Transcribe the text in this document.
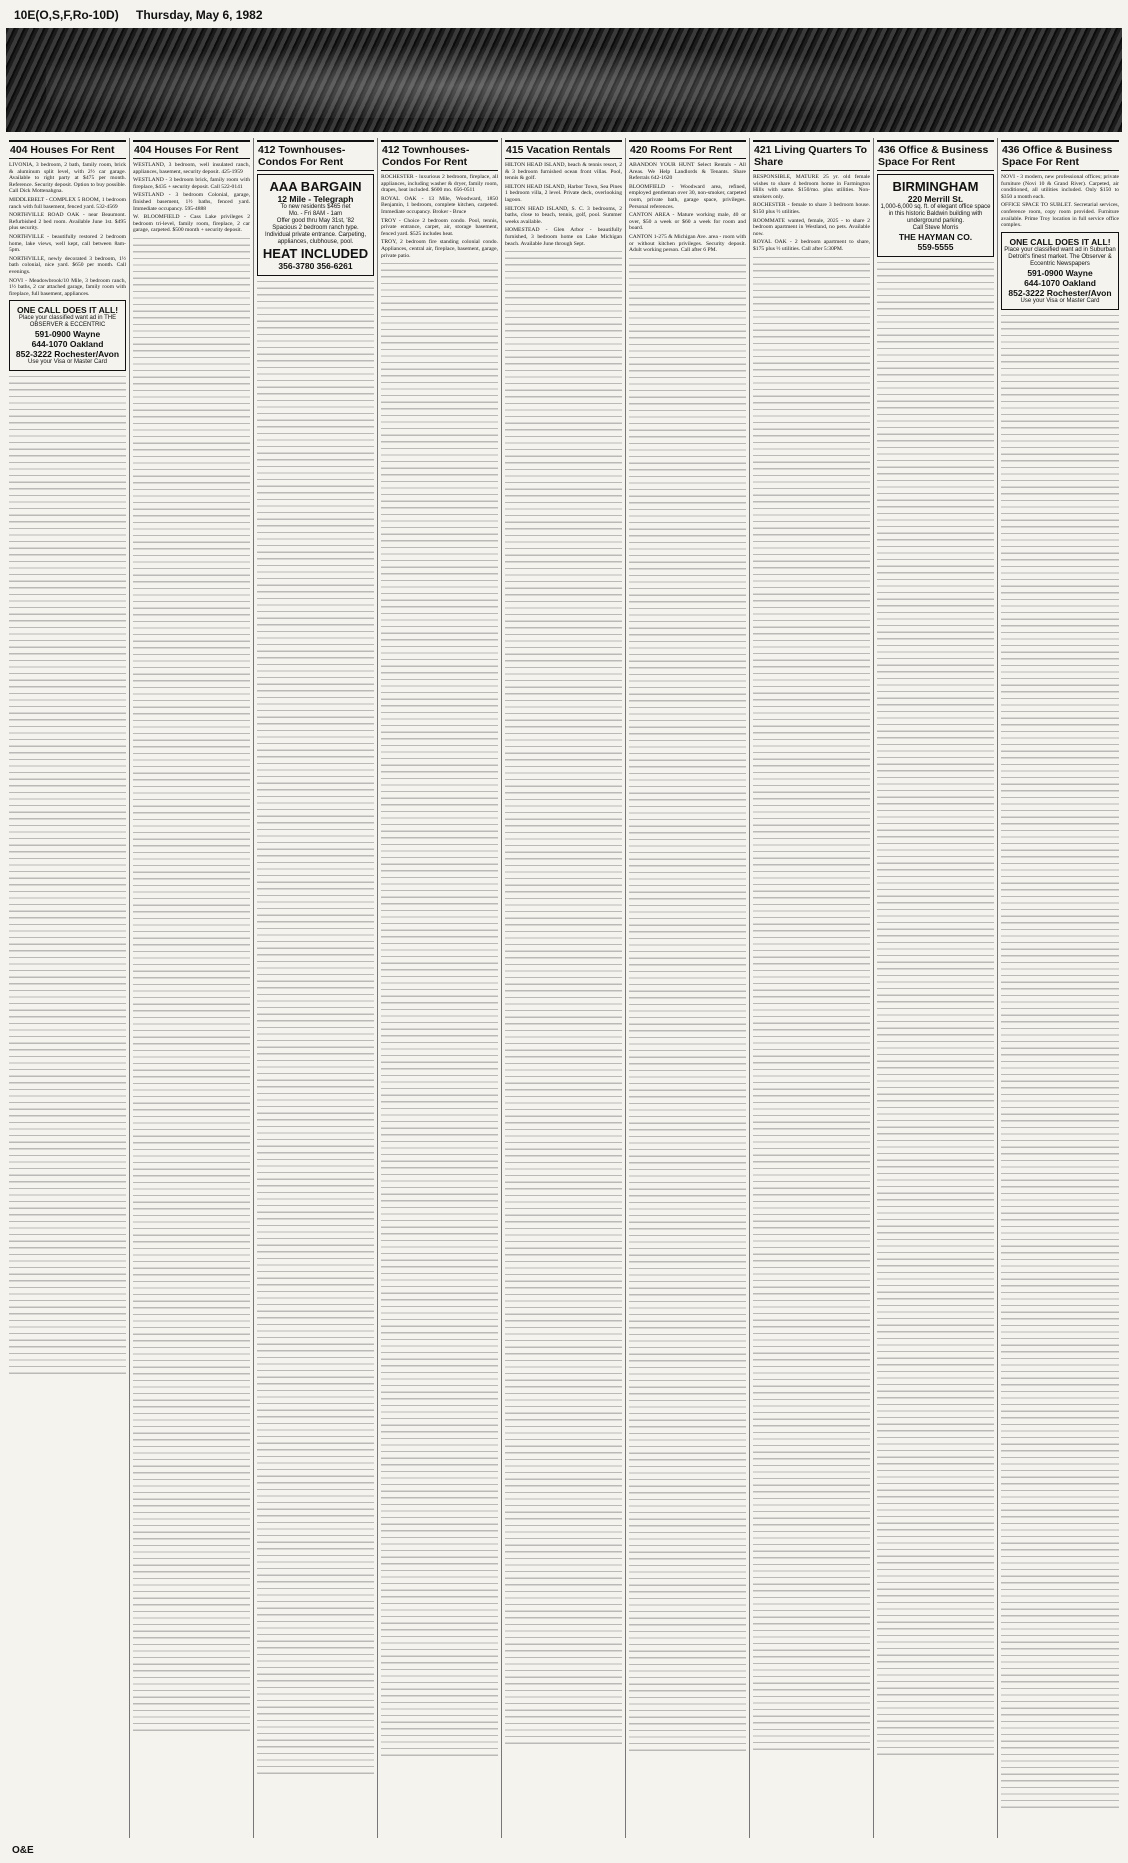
10E(O,S,F,Ro-10D) Thursday, May 6, 1982
404 Houses For Rent

LIVONIA, 3 bedroom, 2 bath, family room, brick & aluminum split level, with 2½ car garage. Available to right party at $475 per month. Reference. Security deposit. Option to buy possible. Call Dick Mottenahgna.

MIDDLEBELT - COMPLEX 5 ROOM, 1 bedroom ranch with full basement, fenced yard. 532-4569

NORTHVILLE ROAD OAK - near Beaumont. Refurbished 2 bed room. Available June 1st. $495 plus security.

NORTHVILLE - beautifully restored 2 bedroom home, lake views, well kept, call between 8am-5pm.

NORTHVILLE, newly decorated 3 bedroom, 1½ bath colonial, nice yard. $650 per month. Call evenings.

NOVI - Meadowbrook/10 Mile, 3 bedroom ranch, 1½ baths, 2 car attached garage, family room with fireplace, full basement, appliances.

ONE CALL DOES IT ALL!
Place your classified want ad in THE OBSERVER & ECCENTRIC
591-0900 Wayne
644-1070 Oakland
852-3222 Rochester/Avon
Use your Visa or Master Card
404 Houses For Rent

WESTLAND, 3 bedroom, well insulated ranch, appliances, basement, security deposit. 425-1959

WESTLAND - 3 bedroom brick, family room with fireplace, $435 + security deposit. Call 522-0141

WESTLAND - 3 bedroom Colonial, garage, finished basement, 1½ baths, fenced yard. Immediate occupancy. 595-4888

W. BLOOMFIELD - Cass Lake privileges 2 bedroom tri-level, family room, fireplace, 2 car garage, carpeted. $500 month + security deposit.

412 Townhouses-Condos For Rent
AAA BARGAIN
12 Mile - Telegraph
To new residents $465 net
Mo. - Fri 8AM - 1am
Offer good thru May 31st, '82
Spacious 2 bedroom ranch type. Individual private entrance. Carpeting, appliances, clubhouse, pool.
HEAT INCLUDED
356-3780 356-6261
412 Townhouses-Condos For Rent

ROCHESTER - luxurious 2 bedroom, fireplace, all appliances, including washer & dryer, family room, drapes, heat included. $600 mo. 656-0511

ROYAL OAK - 13 Mile, Woodward, 1850 Benjamin, 1 bedroom, complete kitchen, carpeted. Immediate occupancy. Broker - Bruce

TROY - Choice 2 bedroom condo. Pool, tennis, private entrance, carpet, air, storage basement, fenced yard. $525 includes heat.

TROY, 2 bedroom fire standing colonial condo. Appliances, central air, fireplace, basement, garage, private patio.

415 Vacation Rentals

HILTON HEAD ISLAND, beach & tennis resort, 2 & 3 bedroom furnished ocean front villas. Pool, tennis & golf.

HILTON HEAD ISLAND, Harbor Town, Sea Pines 1 bedroom villa, 2 level. Private deck, overlooking lagoon.

HILTON HEAD ISLAND, S. C. 3 bedrooms, 2 baths, close to beach, tennis, golf, pool. Summer weeks available.

HOMESTEAD - Glen Arbor - beautifully furnished, 3 bedroom home on Lake Michigan beach. Available June through Sept.

420 Rooms For Rent

ABANDON YOUR HUNT Select Rentals - All Areas. We Help Landlords & Tenants. Share Referrals 642-1620

BLOOMFIELD - Woodward area, refined, employed gentleman over 30, non-smoker, carpeted room, private bath, garage space, privileges. Personal references.

CANTON AREA - Mature working male, 40 or over, $50 a week or $60 a week for room and board.

CANTON 1-275 & Michigan Ave. area - room with or without kitchen privileges. Security deposit. Adult working person. Call after 6 PM.

421 Living Quarters To Share

RESPONSIBLE, MATURE 25 yr. old female wishes to share 4 bedroom home in Farmington Hills with same. $150/mo. plus utilities. Non-smokers only.

ROCHESTER - female to share 3 bedroom house. $150 plus ½ utilities.

ROOMMATE wanted, female, 2025 - to share 2 bedroom apartment in Westland, no pets. Available now.

ROYAL OAK - 2 bedroom apartment to share, $175 plus ½ utilities. Call after 5:30PM.

436 Office & Business Space For Rent
BIRMINGHAM
220 Merrill St.
1,000-6,000 sq. ft. of elegant office space in this historic Baldwin building with underground parking.
Call Steve Morris
THE HAYMAN CO.
559-5555
436 Office & Business Space For Rent

NOVI - 3 modern, new professional offices; private furniture (Novi 10 & Grand River). Carpeted, air conditioned, all utilities included. Only $150 to $350 a month each.

OFFICE SPACE TO SUBLET. Secretarial services, conference room, copy room provided. Furniture available. Prime Troy location in full service office complex.

ONE CALL DOES IT ALL!
Place your classified want ad in Suburban Detroit's finest market. The Observer & Eccentric Newspapers
591-0900 Wayne
644-1070 Oakland
852-3222 Rochester/Avon
Use your Visa or Master Card
O&E
